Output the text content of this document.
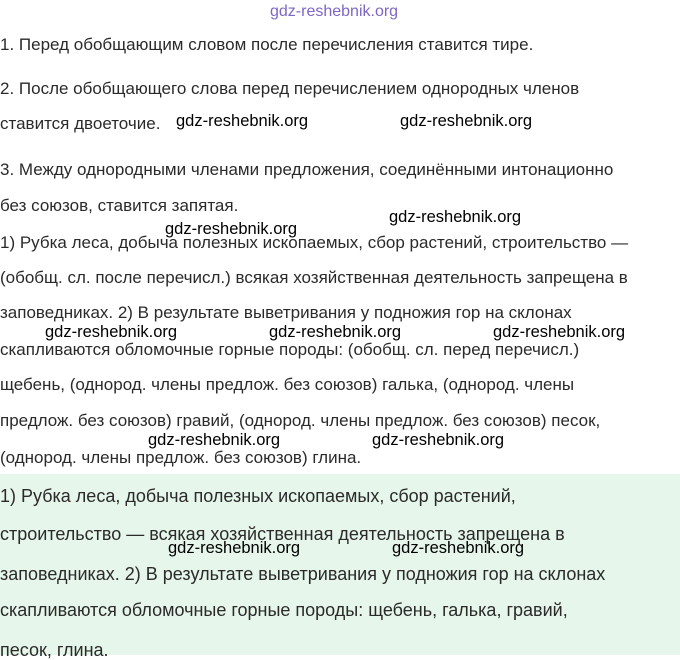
gdz-reshebnik.org
1. Перед обобщающим словом после перечисления ставится тире.
2. После обобщающего слова перед перечислением однородных членов
ставится двоеточие.
3. Между однородными членами предложения, соединёнными интонационно
без союзов, ставится запятая.
1) Рубка леса, добыча полезных ископаемых, сбор растений, строительство —
(обобщ. сл. после перечисл.) всякая хозяйственная деятельность запрещена в
заповедниках. 2) В результате выветривания у подножия гор на склонах
скапливаются обломочные горные породы: (обобщ. сл. перед перечисл.)
щебень, (однород. члены предлож. без союзов) галька, (однород. члены
предлож. без союзов) гравий, (однород. члены предлож. без союзов) песок,
(однород. члены предлож. без союзов) глина.
1) Рубка леса, добыча полезных ископаемых, сбор растений,
строительство — всякая хозяйственная деятельность запрещена в
заповедниках. 2) В результате выветривания у подножия гор на склонах
скапливаются обломочные горные породы: щебень, галька, гравий,
песок, глина.
gdz-reshebnik.org	gdz-reshebnik.org
gdz-reshebnik.org
gdz-reshebnik.org
gdz-reshebnik.org	gdz-reshebnik.org	gdz-reshebnik.org
gdz-reshebnik.org	gdz-reshebnik.org
gdz-reshebnik.org	gdz-reshebnik.org
